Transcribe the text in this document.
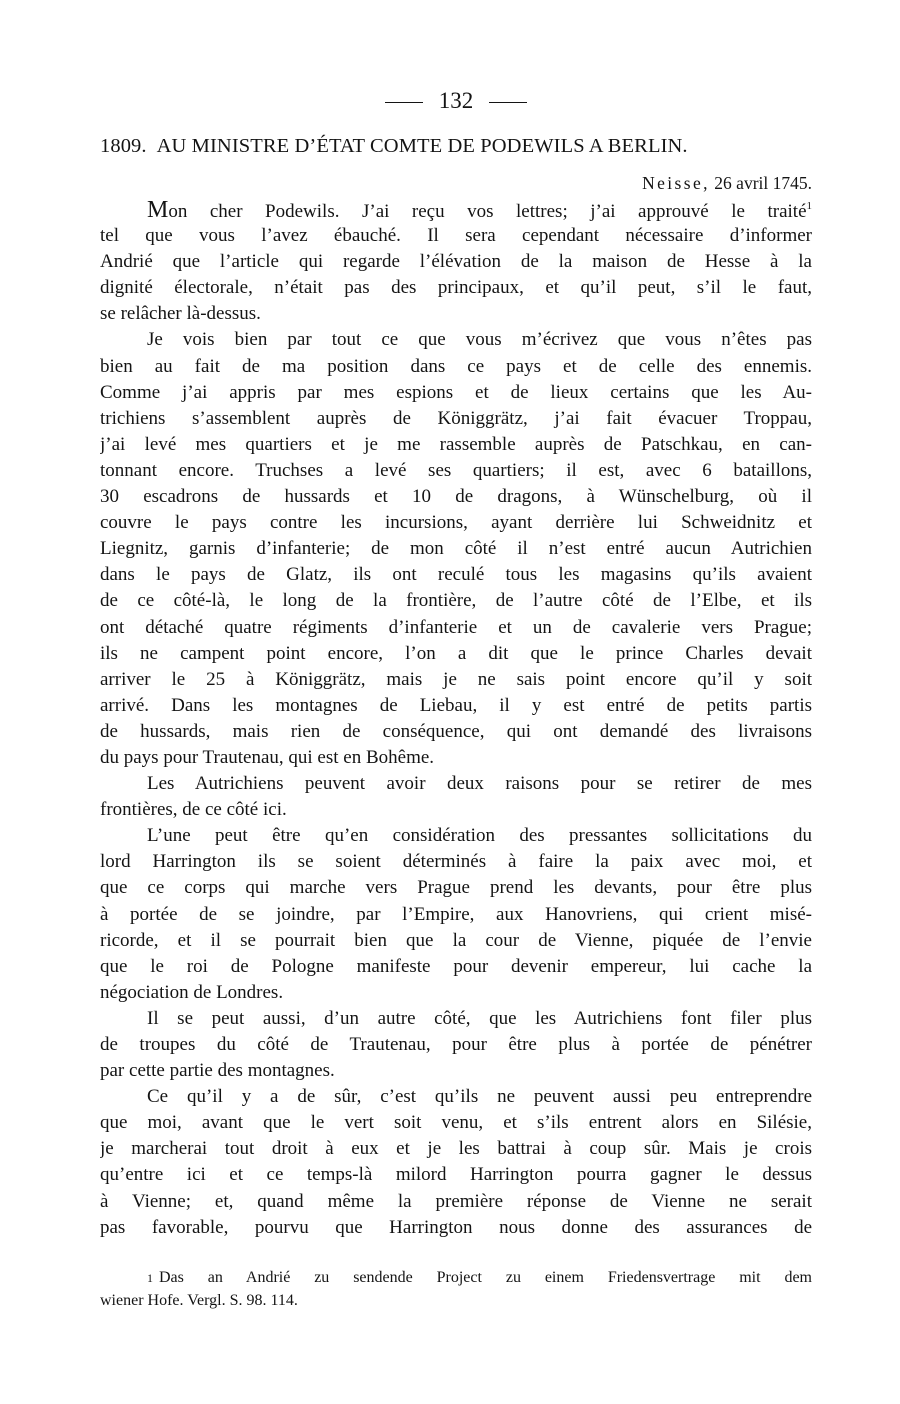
132
1809. AU MINISTRE D’ÉTAT COMTE DE PODEWILS A BERLIN.
Neisse, 26 avril 1745.
Mon cher Podewils. J’ai reçu vos lettres; j’ai approuvé le traité$^1$
tel que vous l’avez ébauché. Il sera cependant nécessaire d’informer
Andrié que l’article qui regarde l’élévation de la maison de Hesse à la
dignité électorale, n’était pas des principaux, et qu’il peut, s’il le faut,
se relâcher là-dessus.
Je vois bien par tout ce que vous m’écrivez que vous n’êtes pas
bien au fait de ma position dans ce pays et de celle des ennemis.
Comme j’ai appris par mes espions et de lieux certains que les Au-
trichiens s’assemblent auprès de Königgrätz, j’ai fait évacuer Troppau,
j’ai levé mes quartiers et je me rassemble auprès de Patschkau, en can-
tonnant encore. Truchses a levé ses quartiers; il est, avec 6 bataillons,
30 escadrons de hussards et 10 de dragons, à Wünschelburg, où il
couvre le pays contre les incursions, ayant derrière lui Schweidnitz et
Liegnitz, garnis d’infanterie; de mon côté il n’est entré aucun Autrichien
dans le pays de Glatz, ils ont reculé tous les magasins qu’ils avaient
de ce côté-là, le long de la frontière, de l’autre côté de l’Elbe, et ils
ont détaché quatre régiments d’infanterie et un de cavalerie vers Prague;
ils ne campent point encore, l’on a dit que le prince Charles devait
arriver le 25 à Königgrätz, mais je ne sais point encore qu’il y soit
arrivé. Dans les montagnes de Liebau, il y est entré de petits partis
de hussards, mais rien de conséquence, qui ont demandé des livraisons
du pays pour Trautenau, qui est en Bohême.
Les Autrichiens peuvent avoir deux raisons pour se retirer de mes
frontières, de ce côté ici.
L’une peut être qu’en considération des pressantes sollicitations du
lord Harrington ils se soient déterminés à faire la paix avec moi, et
que ce corps qui marche vers Prague prend les devants, pour être plus
à portée de se joindre, par l’Empire, aux Hanovriens, qui crient misé-
ricorde, et il se pourrait bien que la cour de Vienne, piquée de l’envie
que le roi de Pologne manifeste pour devenir empereur, lui cache la
négociation de Londres.
Il se peut aussi, d’un autre côté, que les Autrichiens font filer plus
de troupes du côté de Trautenau, pour être plus à portée de pénétrer
par cette partie des montagnes.
Ce qu’il y a de sûr, c’est qu’ils ne peuvent aussi peu entreprendre
que moi, avant que le vert soit venu, et s’ils entrent alors en Silésie,
je marcherai tout droit à eux et je les battrai à coup sûr. Mais je crois
qu’entre ici et ce temps-là milord Harrington pourra gagner le dessus
à Vienne; et, quand même la première réponse de Vienne ne serait
pas favorable, pourvu que Harrington nous donne des assurances de
1 Das an Andrié zu sendende Project zu einem Friedensvertrage mit dem
wiener Hofe. Vergl. S. 98. 114.
